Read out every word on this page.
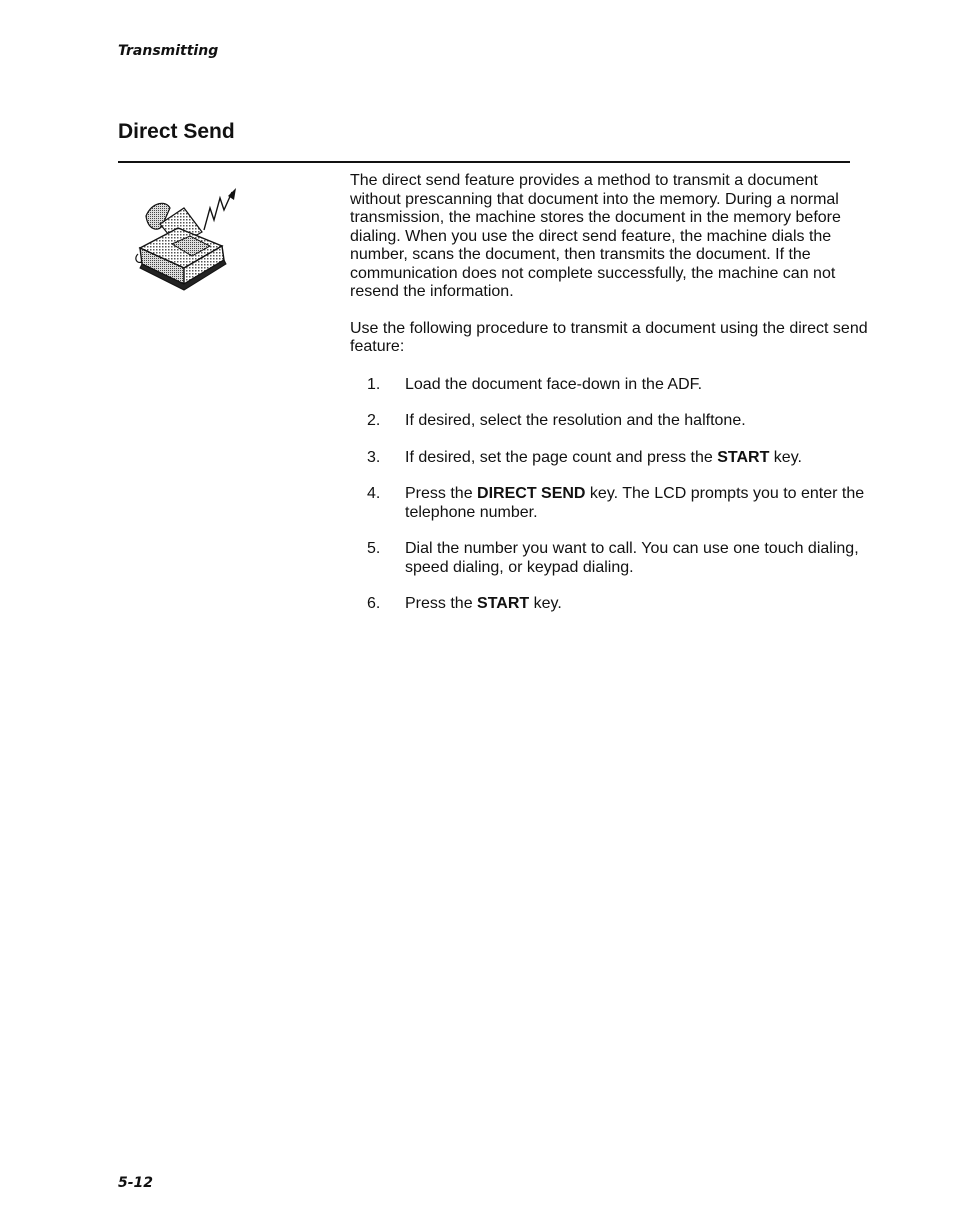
Transmitting
Direct Send

The direct send feature provides a method to transmit a document without prescanning that document into the memory. During a normal transmission, the machine stores the document in the memory before dialing. When you use the direct send feature, the machine dials the number, scans the document, then transmits the document. If the communication does not complete successfully, the machine can not resend the information.

Use the following procedure to transmit a document using the direct send feature:

1. Load the document face-down in the ADF.
2. If desired, select the resolution and the halftone.
3. If desired, set the page count and press the START key.
4. Press the DIRECT SEND key. The LCD prompts you to enter the telephone number.
5. Dial the number you want to call. You can use one touch dialing, speed dialing, or keypad dialing.
6. Press the START key.
5-12
